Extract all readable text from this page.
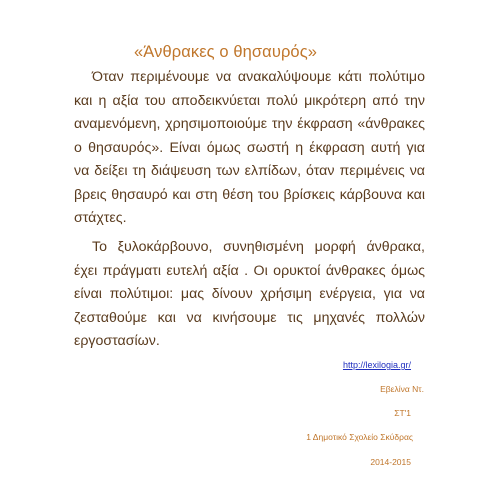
«Άνθρακες ο θησαυρός»

Όταν περιμένουμε να ανακαλύψουμε κάτι πολύτιμο και η αξία του αποδεικνύεται πολύ μικρότερη από την αναμενόμενη, χρησιμοποιούμε την έκφραση «άνθρακες ο θησαυρός». Είναι όμως σωστή η έκφραση αυτή για να δείξει τη διάψευση των ελπίδων, όταν περιμένεις να βρεις θησαυρό και στη θέση του βρίσκεις κάρβουνα και στάχτες.

Το ξυλοκάρβουνο, συνηθισμένη μορφή άνθρακα, έχει πράγματι ευτελή αξία . Οι ορυκτοί άνθρακες όμως είναι πολύτιμοι: μας δίνουν χρήσιμη ενέργεια, για να ζεσταθούμε και να κινήσουμε τις μηχανές πολλών εργοστασίων.

http://lexilogia.gr/
Εβελίνα Ντ.
ΣΤ'1
1 Δημοτικό Σχολείο Σκύδρας
2014-2015
